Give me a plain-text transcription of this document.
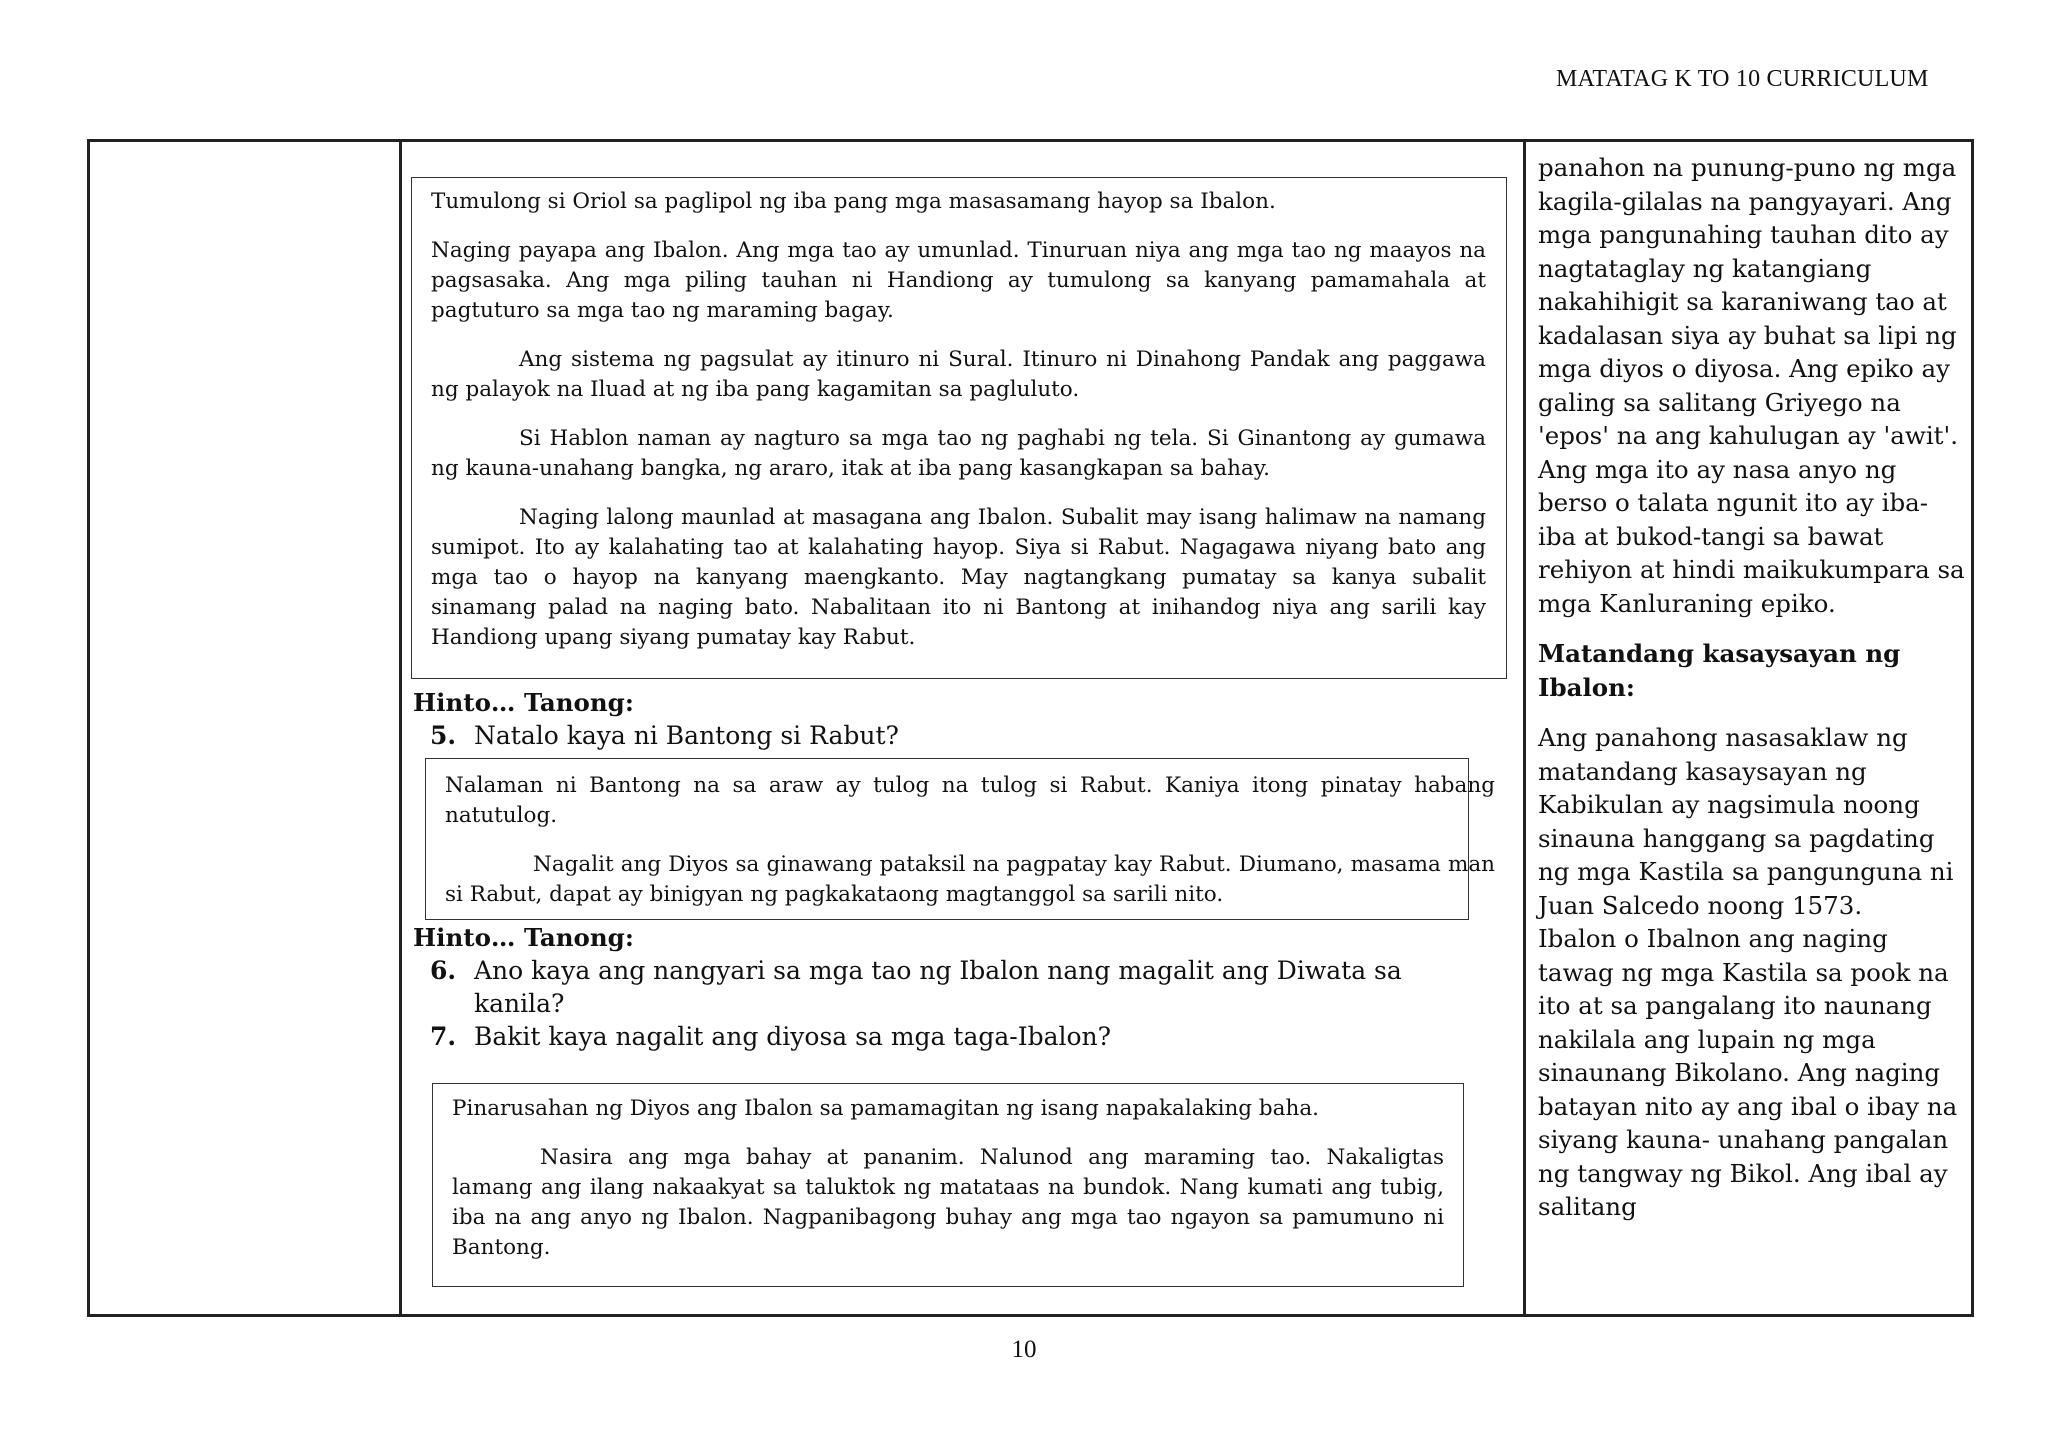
MATATAG K TO 10 CURRICULUM

Tumulong si Oriol sa paglipol ng iba pang mga masasamang hayop sa Ibalon.

Naging payapa ang Ibalon. Ang mga tao ay umunlad. Tinuruan niya ang mga tao ng maayos na pagsasaka. Ang mga piling tauhan ni Handiong ay tumulong sa kanyang pamamahala at pagtuturo sa mga tao ng maraming bagay.

Ang sistema ng pagsulat ay itinuro ni Sural. Itinuro ni Dinahong Pandak ang paggawa ng palayok na Iluad at ng iba pang kagamitan sa pagluluto.

Si Hablon naman ay nagturo sa mga tao ng paghabi ng tela. Si Ginantong ay gumawa ng kauna-unahang bangka, ng araro, itak at iba pang kasangkapan sa bahay.

Naging lalong maunlad at masagana ang Ibalon. Subalit may isang halimaw na namang sumipot. Ito ay kalahating tao at kalahating hayop. Siya si Rabut. Nagagawa niyang bato ang mga tao o hayop na kanyang maengkanto. May nagtangkang pumatay sa kanya subalit sinamang palad na naging bato. Nabalitaan ito ni Bantong at inihandog niya ang sarili kay Handiong upang siyang pumatay kay Rabut.

Hinto… Tanong:
5. Natalo kaya ni Bantong si Rabut?

Nalaman ni Bantong na sa araw ay tulog na tulog si Rabut. Kaniya itong pinatay habang natutulog.

Nagalit ang Diyos sa ginawang pataksil na pagpatay kay Rabut. Diumano, masama man si Rabut, dapat ay binigyan ng pagkakataong magtanggol sa sarili nito.

Hinto… Tanong:
6. Ano kaya ang nangyari sa mga tao ng Ibalon nang magalit ang Diwata sa kanila?
7. Bakit kaya nagalit ang diyosa sa mga taga-Ibalon?

Pinarusahan ng Diyos ang Ibalon sa pamamagitan ng isang napakalaking baha.

Nasira ang mga bahay at pananim. Nalunod ang maraming tao. Nakaligtas lamang ang ilang nakaakyat sa taluktok ng matataas na bundok. Nang kumati ang tubig, iba na ang anyo ng Ibalon. Nagpanibagong buhay ang mga tao ngayon sa pamumuno ni Bantong.

panahon na punung-puno ng mga kagila-gilalas na pangyayari. Ang mga pangunahing tauhan dito ay nagtataglay ng katangiang nakahihigit sa karaniwang tao at kadalasan siya ay buhat sa lipi ng mga diyos o diyosa. Ang epiko ay galing sa salitang Griyego na 'epos' na ang kahulugan ay 'awit'. Ang mga ito ay nasa anyo ng berso o talata ngunit ito ay iba-iba at bukod-tangi sa bawat rehiyon at hindi maikukumpara sa mga Kanluraning epiko.

Matandang kasaysayan ng Ibalon:

Ang panahong nasasaklaw ng matandang kasaysayan ng Kabikulan ay nagsimula noong sinauna hanggang sa pagdating ng mga Kastila sa pangunguna ni Juan Salcedo noong 1573.

Ibalon o Ibalnon ang naging tawag ng mga Kastila sa pook na ito at sa pangalang ito naunang nakilala ang lupain ng mga sinaunang Bikolano. Ang naging batayan nito ay ang ibal o ibay na siyang kauna- unahang pangalan ng tangway ng Bikol. Ang ibal ay salitang

10
